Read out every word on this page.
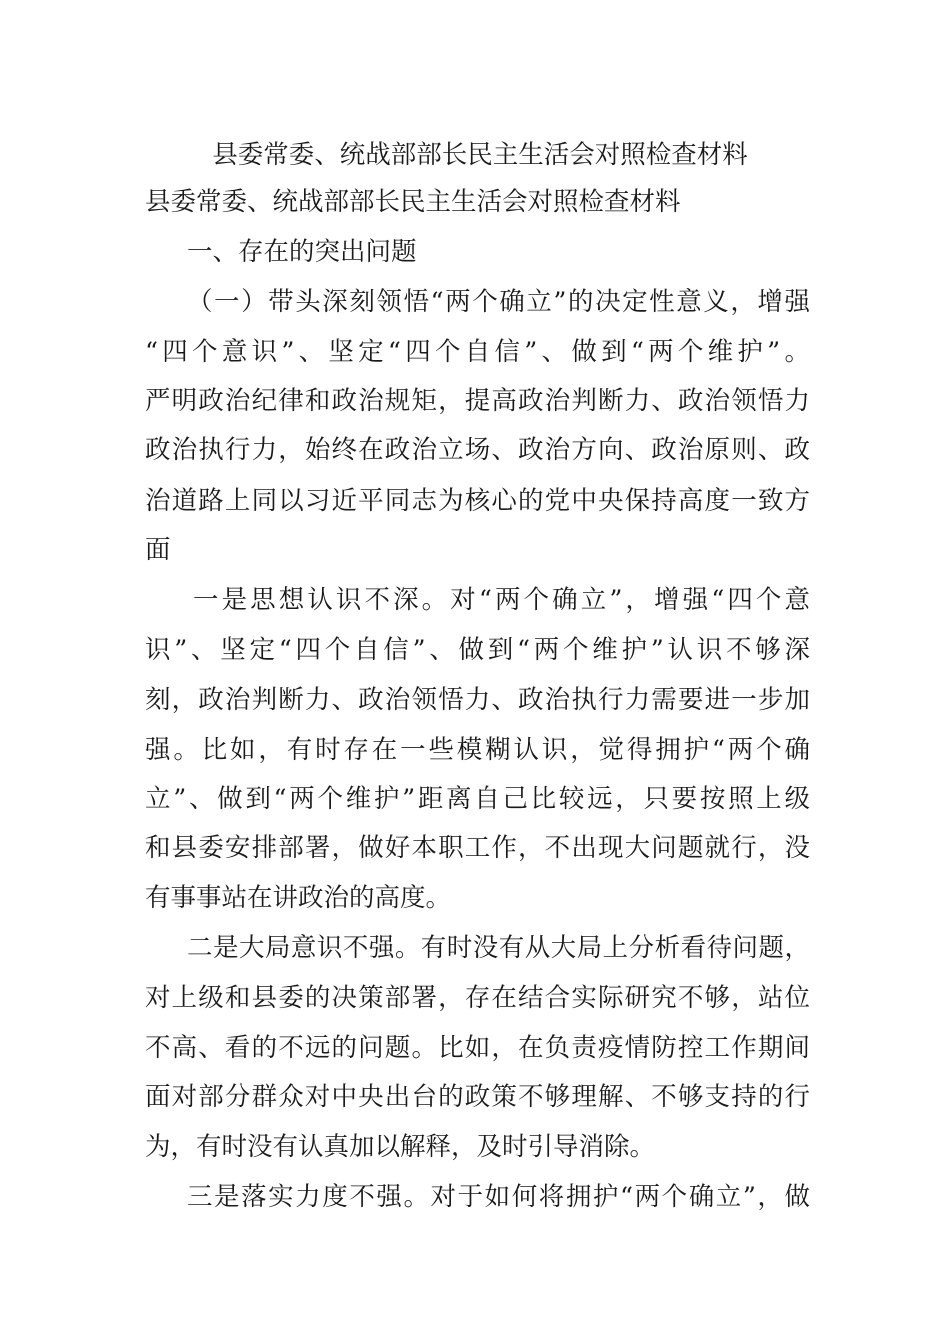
县委常委、统战部部长民主生活会对照检查材料
县委常委、统战部部长民主生活会对照检查材料
一、存在的突出问题
（一）带头深刻领悟“两个确立”的决定性意义，增强
“四个意识”、坚定“四个自信”、做到“两个维护”。
严明政治纪律和政治规矩，提高政治判断力、政治领悟力
政治执行力，始终在政治立场、政治方向、政治原则、政
治道路上同以习近平同志为核心的党中央保持高度一致方
面
一是思想认识不深。对“两个确立”，增强“四个意
识”、坚定“四个自信”、做到“两个维护”认识不够深
刻，政治判断力、政治领悟力、政治执行力需要进一步加
强。比如，有时存在一些模糊认识，觉得拥护“两个确
立”、做到“两个维护”距离自己比较远，只要按照上级
和县委安排部署，做好本职工作，不出现大问题就行，没
有事事站在讲政治的高度。
二是大局意识不强。有时没有从大局上分析看待问题，
对上级和县委的决策部署，存在结合实际研究不够，站位
不高、看的不远的问题。比如，在负责疫情防控工作期间
面对部分群众对中央出台的政策不够理解、不够支持的行
为，有时没有认真加以解释，及时引导消除。
三是落实力度不强。对于如何将拥护“两个确立”，做
